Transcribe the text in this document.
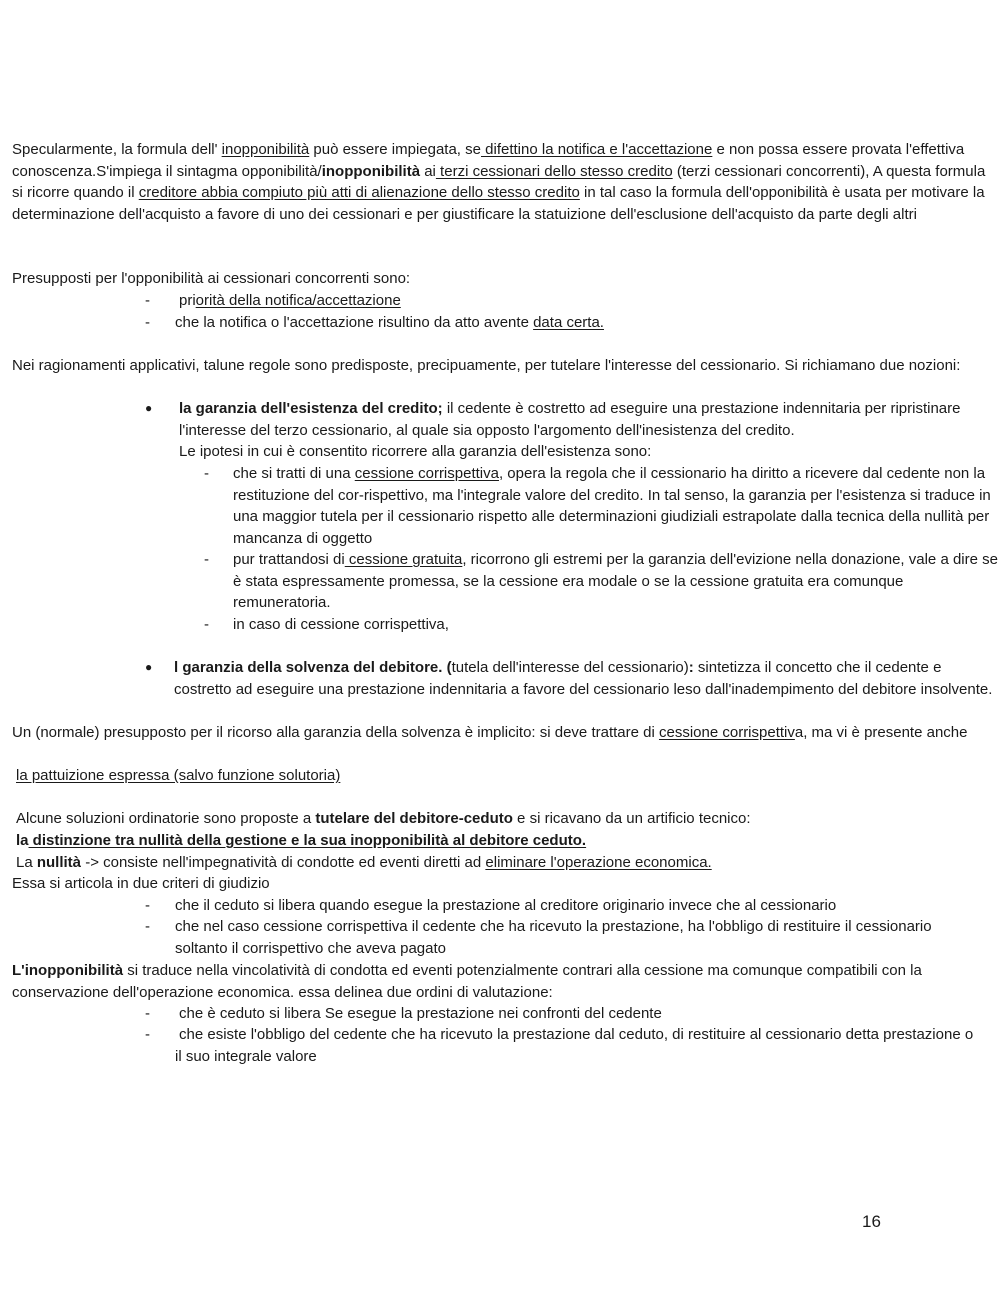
Specularmente, la formula dell' inopponibilità può essere impiegata, se difettino la notifica e l'accettazione e non possa essere provata l'effettiva conoscenza.S'impiega il sintagma opponibilità/inopponibilità ai terzi cessionari dello stesso credito (terzi cessionari concorrenti), A questa formula si ricorre quando il creditore abbia compiuto più atti di alienazione dello stesso credito in tal caso la formula dell'opponibilità è usata per motivare la determinazione dell'acquisto a favore di uno dei cessionari e per giustificare la statuizione dell'esclusione dell'acquisto da parte degli altri

Presupposti per l'opponibilità ai cessionari concorrenti sono:

- priorità della notifica/accettazione
- che la notifica o l'accettazione risultino da atto avente data certa.

Nei ragionamenti applicativi, talune regole sono predisposte, precipuamente, per tutelare l'interesse del cessionario. Si richiamano due nozioni:

● la garanzia dell'esistenza del credito; il cedente è costretto ad eseguire una prestazione indennitaria per ripristinare l'interesse del terzo cessionario, al quale sia opposto l'argomento dell'inesistenza del credito.

Le ipotesi in cui è consentito ricorrere alla garanzia dell'esistenza sono:

- che si tratti di una cessione corrispettiva, opera la regola che il cessionario ha diritto a ricevere dal cedente non la restituzione del cor-rispettivo, ma l'integrale valore del credito. In tal senso, la garanzia per l'esistenza si traduce in una maggior tutela per il cessionario rispetto alle determinazioni giudiziali estrapolate dalla tecnica della nullità per mancanza di oggetto

- pur trattandosi di cessione gratuita, ricorrono gli estremi per la garanzia dell'evizione nella donazione, vale a dire se è stata espressamente promessa, se la cessione era modale o se la cessione gratuita era comunque remuneratoria.

- in caso di cessione corrispettiva,

● l garanzia della solvenza del debitore. (tutela dell'interesse del cessionario): sintetizza il concetto che il cedente e costretto ad eseguire una prestazione indennitaria a favore del cessionario leso dall'inadempimento del debitore insolvente.

Un (normale) presupposto per il ricorso alla garanzia della solvenza è implicito: si deve trattare di cessione corrispettiva, ma vi è presente anche

la pattuizione espressa (salvo funzione solutoria)

Alcune soluzioni ordinatorie sono proposte a tutelare del debitore-ceduto e si ricavano da un artificio tecnico:

la distinzione tra nullità della gestione e la sua inopponibilità al debitore ceduto.

La nullità -> consiste nell'impegnatività di condotte ed eventi diretti ad eliminare l'operazione economica.

Essa si articola in due criteri di giudizio

- che il ceduto si libera quando esegue la prestazione al creditore originario invece che al cessionario

- che nel caso cessione corrispettiva il cedente che ha ricevuto la prestazione, ha l'obbligo di restituire il cessionario soltanto il corrispettivo che aveva pagato

L'inopponibilità si traduce nella vincolatività di condotta ed eventi potenzialmente contrari alla cessione ma comunque compatibili con la conservazione dell'operazione economica. essa delinea due ordini di valutazione:

- che è ceduto si libera Se esegue la prestazione nei confronti del cedente

- che esiste l'obbligo del cedente che ha ricevuto la prestazione dal ceduto, di restituire al cessionario detta prestazione o il suo integrale valore

16
